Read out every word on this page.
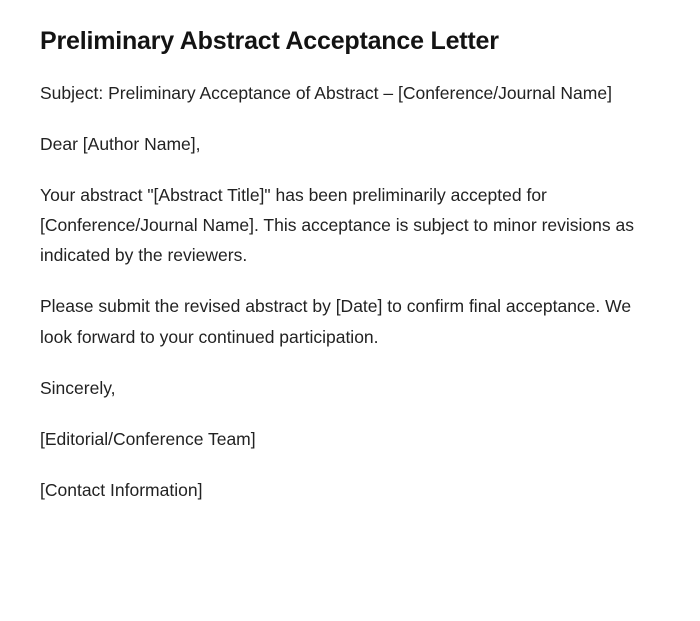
Preliminary Abstract Acceptance Letter

Subject: Preliminary Acceptance of Abstract – [Conference/Journal Name]

Dear [Author Name],

Your abstract "[Abstract Title]" has been preliminarily accepted for [Conference/Journal Name]. This acceptance is subject to minor revisions as indicated by the reviewers.

Please submit the revised abstract by [Date] to confirm final acceptance. We look forward to your continued participation.

Sincerely,

[Editorial/Conference Team]

[Contact Information]
